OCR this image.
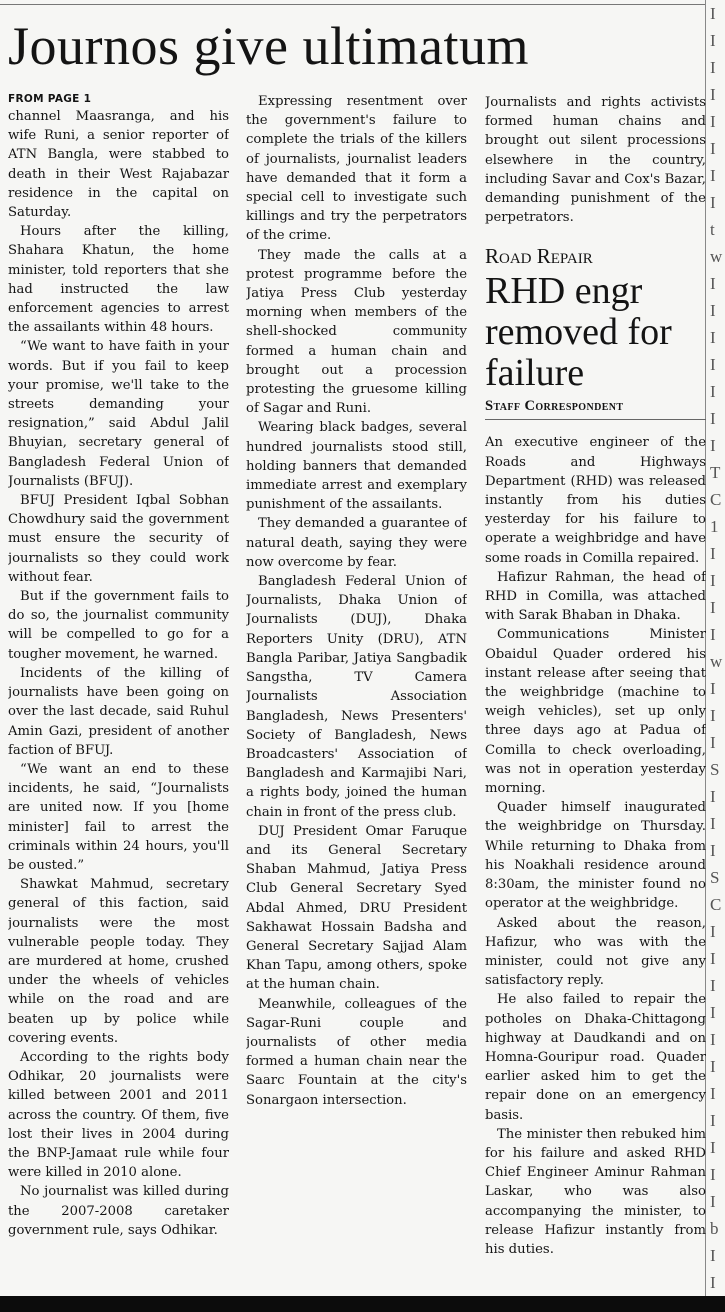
Journos give ultimatum
FROM PAGE 1

channel Maasranga, and his wife Runi, a senior reporter of ATN Bangla, were stabbed to death in their West Rajabazar residence in the capital on Saturday.

Hours after the killing, Shahara Khatun, the home minister, told reporters that she had instructed the law enforcement agencies to arrest the assailants within 48 hours.

“We want to have faith in your words. But if you fail to keep your promise, we'll take to the streets demanding your resignation,” said Abdul Jalil Bhuyian, secretary general of Bangladesh Federal Union of Journalists (BFUJ).

BFUJ President Iqbal Sobhan Chowdhury said the government must ensure the security of journalists so they could work without fear.

But if the government fails to do so, the journalist community will be compelled to go for a tougher movement, he warned.

Incidents of the killing of journalists have been going on over the last decade, said Ruhul Amin Gazi, president of another faction of BFUJ.

“We want an end to these incidents, he said, “Journalists are united now. If you [home minister] fail to arrest the criminals within 24 hours, you'll be ousted.”

Shawkat Mahmud, secretary general of this faction, said journalists were the most vulnerable people today. They are murdered at home, crushed under the wheels of vehicles while on the road and are beaten up by police while covering events.

According to the rights body Odhikar, 20 journalists were killed between 2001 and 2011 across the country. Of them, five lost their lives in 2004 during the BNP-Jamaat rule while four were killed in 2010 alone.

No journalist was killed during the 2007-2008 caretaker government rule, says Odhikar.

Expressing resentment over the government's failure to complete the trials of the killers of journalists, journalist leaders have demanded that it form a special cell to investigate such killings and try the perpetrators of the crime.

They made the calls at a protest programme before the Jatiya Press Club yesterday morning when members of the shell-shocked community formed a human chain and brought out a procession protesting the gruesome killing of Sagar and Runi.

Wearing black badges, several hundred journalists stood still, holding banners that demanded immediate arrest and exemplary punishment of the assailants.

They demanded a guarantee of natural death, saying they were now overcome by fear.

Bangladesh Federal Union of Journalists, Dhaka Union of Journalists (DUJ), Dhaka Reporters Unity (DRU), ATN Bangla Paribar, Jatiya Sangbadik Sangstha, TV Camera Journalists Association Bangladesh, News Presenters' Society of Bangladesh, News Broadcasters' Association of Bangladesh and Karmajibi Nari, a rights body, joined the human chain in front of the press club.

DUJ President Omar Faruque and its General Secretary Shaban Mahmud, Jatiya Press Club General Secretary Syed Abdal Ahmed, DRU President Sakhawat Hossain Badsha and General Secretary Sajjad Alam Khan Tapu, among others, spoke at the human chain.

Meanwhile, colleagues of the Sagar-Runi couple and journalists of other media formed a human chain near the Saarc Fountain at the city's Sonargaon intersection.

Journalists and rights activists formed human chains and brought out silent processions elsewhere in the country, including Savar and Cox's Bazar, demanding punishment of the perpetrators.

Road Repair
RHD engr removed for failure
Staff Correspondent

An executive engineer of the Roads and Highways Department (RHD) was released instantly from his duties yesterday for his failure to operate a weighbridge and have some roads in Comilla repaired.

Hafizur Rahman, the head of RHD in Comilla, was attached with Sarak Bhaban in Dhaka.

Communications Minister Obaidul Quader ordered his instant release after seeing that the weighbridge (machine to weigh vehicles), set up only three days ago at Padua of Comilla to check overloading, was not in operation yesterday morning.

Quader himself inaugurated the weighbridge on Thursday. While returning to Dhaka from his Noakhali residence around 8:30am, the minister found no operator at the weighbridge.

Asked about the reason, Hafizur, who was with the minister, could not give any satisfactory reply.

He also failed to repair the potholes on Dhaka-Chittagong highway at Daudkandi and on Homna-Gouripur road. Quader earlier asked him to get the repair done on an emergency basis.

The minister then rebuked him for his failure and asked RHD Chief Engineer Aminur Rahman Laskar, who was also accompanying the minister, to release Hafizur instantly from his duties.

I
I
I
I
I
I
I
I
t
w
I
I
I
I
I
I
I
T
C
1
I
I
I
I
w
I
I
I
S
I
I
I
S
C
I
I
I
I
I
I
I
I
I
I
I
b
I
I
